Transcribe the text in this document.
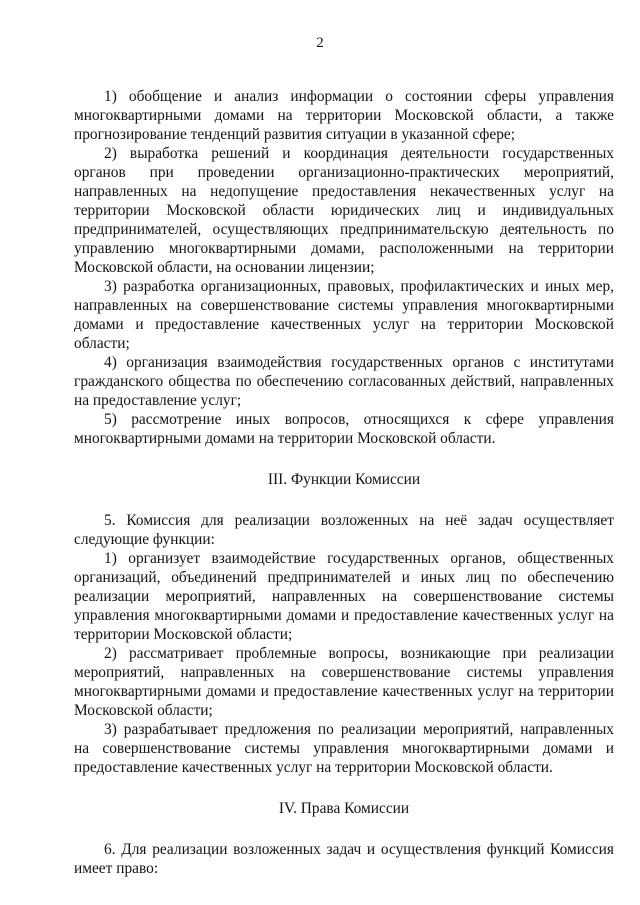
2

1) обобщение и анализ информации о состоянии сферы управления многоквартирными домами на территории Московской области, а также прогнозирование тенденций развития ситуации в указанной сфере;

2) выработка решений и координация деятельности государственных органов при проведении организационно-практических мероприятий, направленных на недопущение предоставления некачественных услуг на территории Московской области юридических лиц и индивидуальных предпринимателей, осуществляющих предпринимательскую деятельность по управлению многоквартирными домами, расположенными на территории Московской области, на основании лицензии;

3) разработка организационных, правовых, профилактических и иных мер, направленных на совершенствование системы управления многоквартирными домами и предоставление качественных услуг на территории Московской области;

4) организация взаимодействия государственных органов с институтами гражданского общества по обеспечению согласованных действий, направленных на предоставление услуг;

5) рассмотрение иных вопросов, относящихся к сфере управления многоквартирными домами на территории Московской области.

III. Функции Комиссии

5. Комиссия для реализации возложенных на неё задач осуществляет следующие функции:

1) организует взаимодействие государственных органов, общественных организаций, объединений предпринимателей и иных лиц по обеспечению реализации мероприятий, направленных на совершенствование системы управления многоквартирными домами и предоставление качественных услуг на территории Московской области;

2) рассматривает проблемные вопросы, возникающие при реализации мероприятий, направленных на совершенствование системы управления многоквартирными домами и предоставление качественных услуг на территории Московской области;

3) разрабатывает предложения по реализации мероприятий, направленных на совершенствование системы управления многоквартирными домами и предоставление качественных услуг на территории Московской области.

IV. Права Комиссии

6. Для реализации возложенных задач и осуществления функций Комиссия имеет право:
